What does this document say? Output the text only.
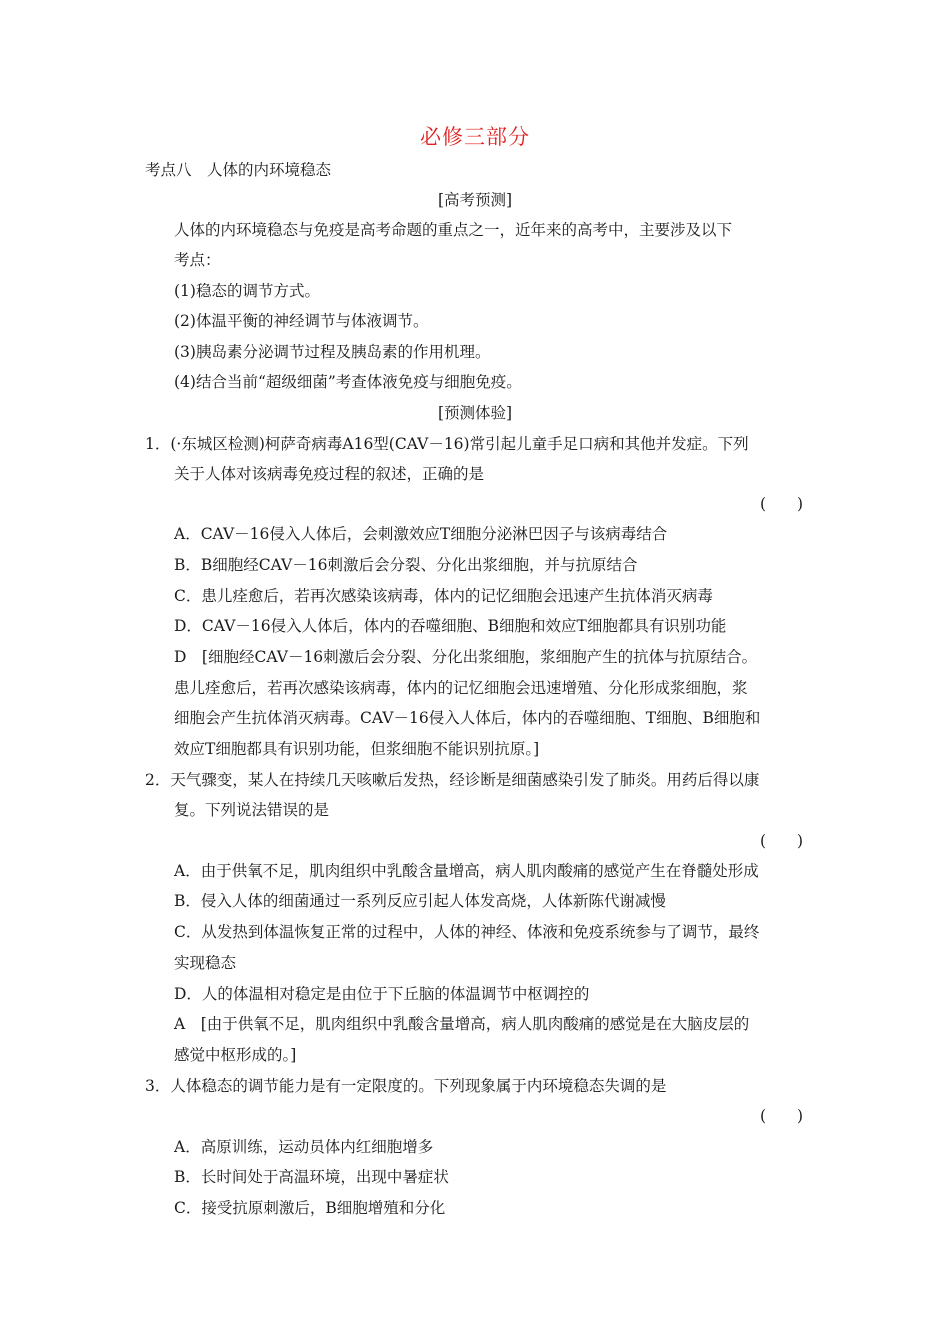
必修三部分
考点八　人体的内环境稳态
[高考预测]
人体的内环境稳态与免疫是高考命题的重点之一，近年来的高考中，主要涉及以下
考点：
(1)稳态的调节方式。
(2)体温平衡的神经调节与体液调节。
(3)胰岛素分泌调节过程及胰岛素的作用机理。
(4)结合当前“超级细菌”考查体液免疫与细胞免疫。
[预测体验]
1．(·东城区检测)柯萨奇病毒A16型(CAV－16)常引起儿童手足口病和其他并发症。下列
关于人体对该病毒免疫过程的叙述，正确的是
(　　)
A．CAV－16侵入人体后，会刺激效应T细胞分泌淋巴因子与该病毒结合
B．B细胞经CAV－16刺激后会分裂、分化出浆细胞，并与抗原结合
C．患儿痊愈后，若再次感染该病毒，体内的记忆细胞会迅速产生抗体消灭病毒
D．CAV－16侵入人体后，体内的吞噬细胞、B细胞和效应T细胞都具有识别功能
D　[细胞经CAV－16刺激后会分裂、分化出浆细胞，浆细胞产生的抗体与抗原结合。
患儿痊愈后，若再次感染该病毒，体内的记忆细胞会迅速增殖、分化形成浆细胞，浆
细胞会产生抗体消灭病毒。CAV－16侵入人体后，体内的吞噬细胞、T细胞、B细胞和
效应T细胞都具有识别功能，但浆细胞不能识别抗原。]
2．天气骤变，某人在持续几天咳嗽后发热，经诊断是细菌感染引发了肺炎。用药后得以康
复。下列说法错误的是
(　　)
A．由于供氧不足，肌肉组织中乳酸含量增高，病人肌肉酸痛的感觉产生在脊髓处形成
B．侵入人体的细菌通过一系列反应引起人体发高烧，人体新陈代谢减慢
C．从发热到体温恢复正常的过程中，人体的神经、体液和免疫系统参与了调节，最终
实现稳态
D．人的体温相对稳定是由位于下丘脑的体温调节中枢调控的
A　[由于供氧不足，肌肉组织中乳酸含量增高，病人肌肉酸痛的感觉是在大脑皮层的
感觉中枢形成的。]
3．人体稳态的调节能力是有一定限度的。下列现象属于内环境稳态失调的是
(　　)
A．高原训练，运动员体内红细胞增多
B．长时间处于高温环境，出现中暑症状
C．接受抗原刺激后，B细胞增殖和分化
